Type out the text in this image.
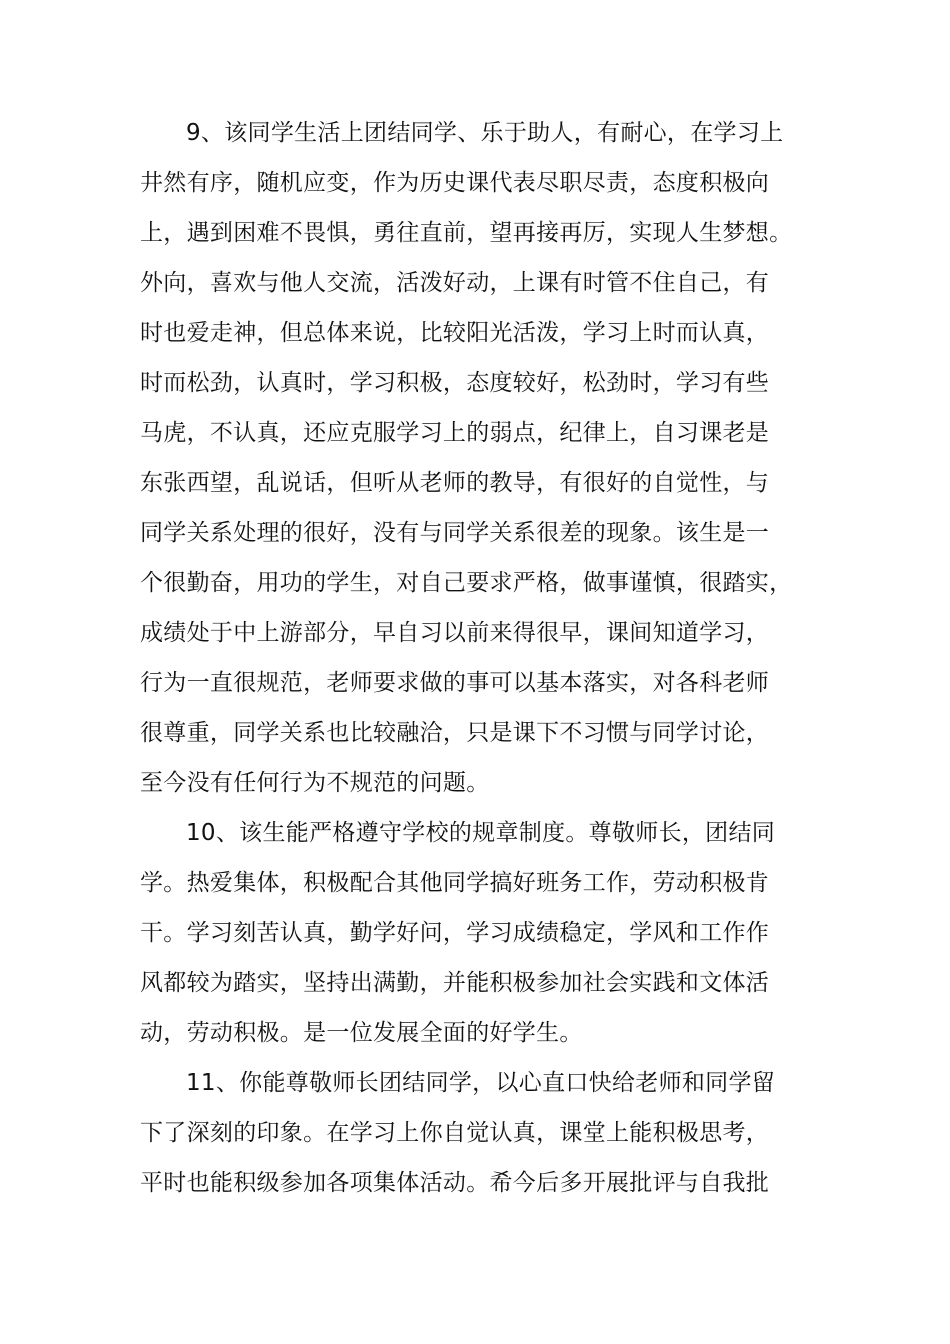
9、该同学生活上团结同学、乐于助人，有耐心，在学习上
井然有序，随机应变，作为历史课代表尽职尽责，态度积极向
上，遇到困难不畏惧，勇往直前，望再接再厉，实现人生梦想。
外向，喜欢与他人交流，活泼好动，上课有时管不住自己，有
时也爱走神，但总体来说，比较阳光活泼，学习上时而认真，
时而松劲，认真时，学习积极，态度较好，松劲时，学习有些
马虎，不认真，还应克服学习上的弱点，纪律上，自习课老是
东张西望，乱说话，但听从老师的教导，有很好的自觉性，与
同学关系处理的很好，没有与同学关系很差的现象。该生是一
个很勤奋，用功的学生，对自己要求严格，做事谨慎，很踏实，
成绩处于中上游部分，早自习以前来得很早，课间知道学习，
行为一直很规范，老师要求做的事可以基本落实，对各科老师
很尊重，同学关系也比较融洽，只是课下不习惯与同学讨论，
至今没有任何行为不规范的问题。
10、该生能严格遵守学校的规章制度。尊敬师长，团结同
学。热爱集体，积极配合其他同学搞好班务工作，劳动积极肯
干。学习刻苦认真，勤学好问，学习成绩稳定，学风和工作作
风都较为踏实，坚持出满勤，并能积极参加社会实践和文体活
动，劳动积极。是一位发展全面的好学生。
11、你能尊敬师长团结同学，以心直口快给老师和同学留
下了深刻的印象。在学习上你自觉认真，课堂上能积极思考，
平时也能积级参加各项集体活动。希今后多开展批评与自我批
